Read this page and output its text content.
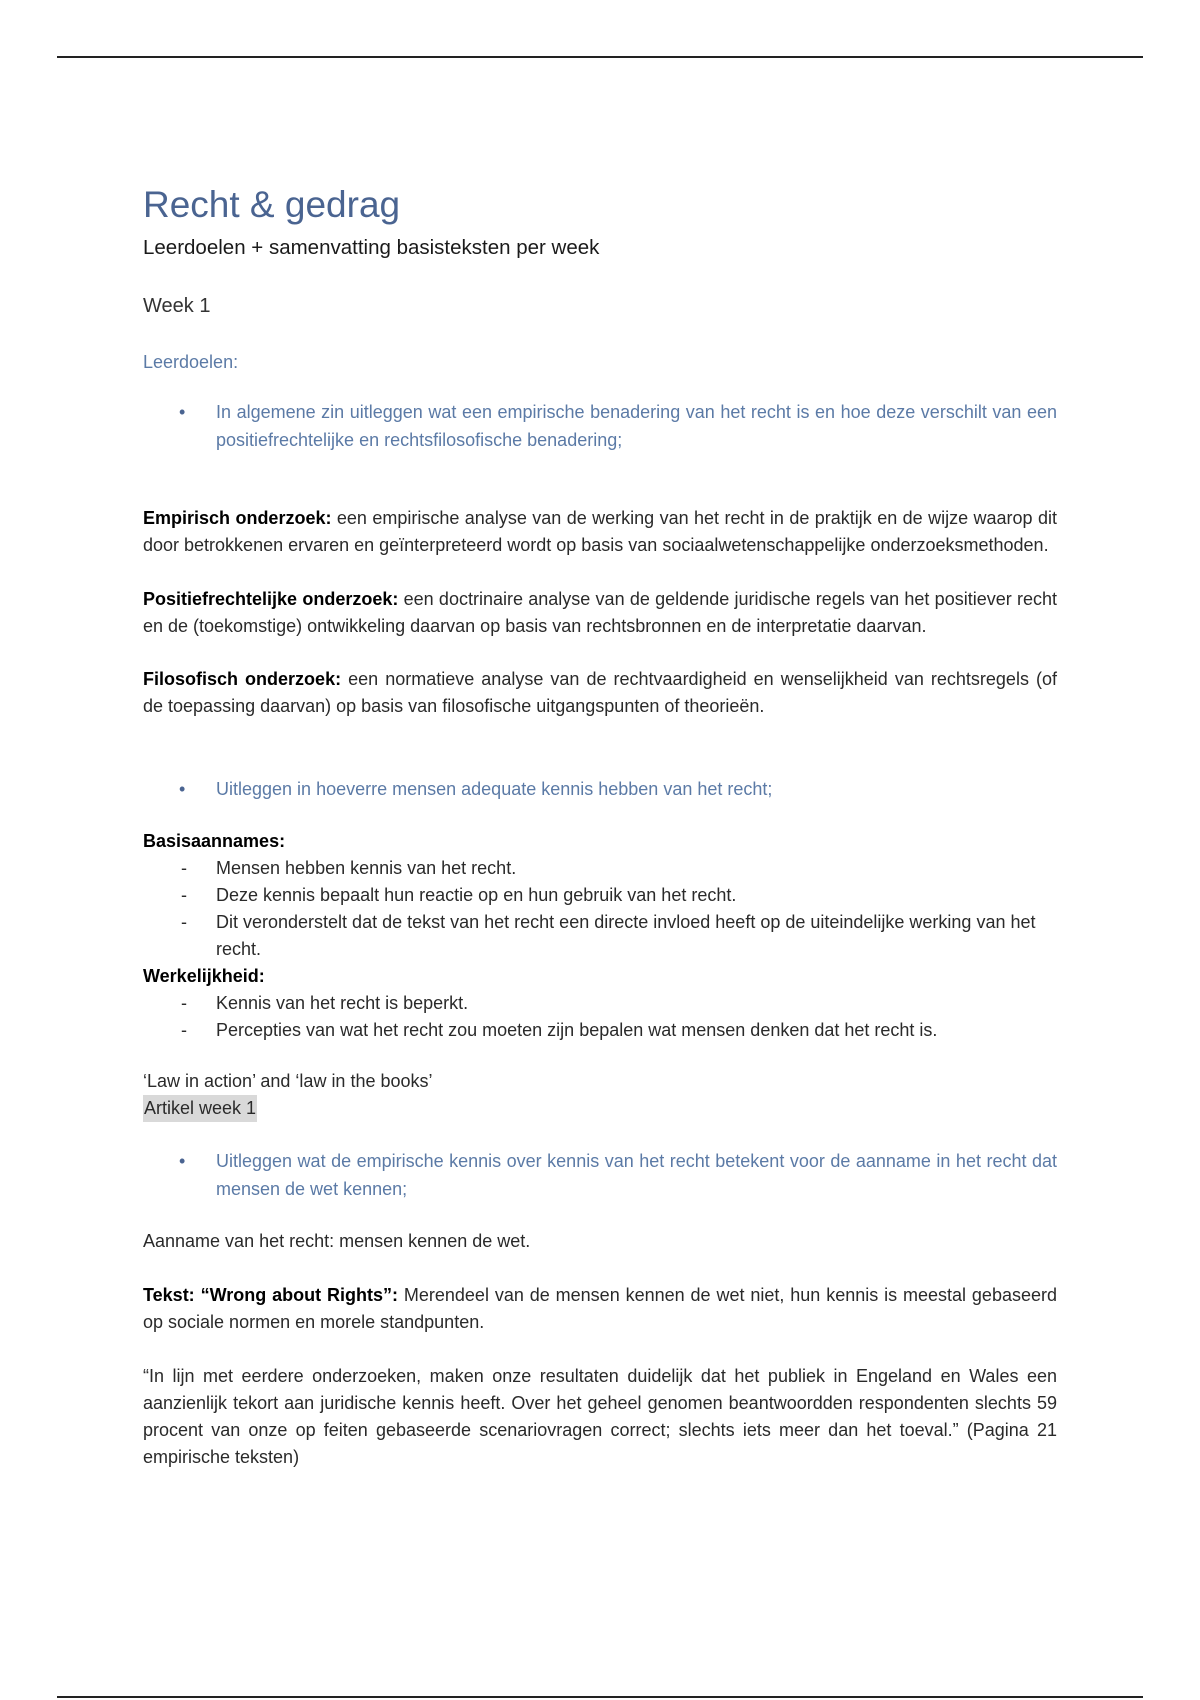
Recht & gedrag
Leerdoelen + samenvatting basisteksten per week
Week 1
Leerdoelen:
• In algemene zin uitleggen wat een empirische benadering van het recht is en hoe deze verschilt van een positiefrechtelijke en rechtsfilosofische benadering;

Empirisch onderzoek: een empirische analyse van de werking van het recht in de praktijk en de wijze waarop dit door betrokkenen ervaren en geïnterpreteerd wordt op basis van sociaalwetenschappelijke onderzoeksmethoden.

Positiefrechtelijke onderzoek: een doctrinaire analyse van de geldende juridische regels van het positiever recht en de (toekomstige) ontwikkeling daarvan op basis van rechtsbronnen en de interpretatie daarvan.

Filosofisch onderzoek: een normatieve analyse van de rechtvaardigheid en wenselijkheid van rechtsregels (of de toepassing daarvan) op basis van filosofische uitgangspunten of theorieën.

• Uitleggen in hoeverre mensen adequate kennis hebben van het recht;
Basisaannames:
- Mensen hebben kennis van het recht.
- Deze kennis bepaalt hun reactie op en hun gebruik van het recht.
- Dit veronderstelt dat de tekst van het recht een directe invloed heeft op de uiteindelijke werking van het recht.
Werkelijkheid:
- Kennis van het recht is beperkt.
- Percepties van wat het recht zou moeten zijn bepalen wat mensen denken dat het recht is.

‘Law in action’ and ‘law in the books’

Artikel week 1

• Uitleggen wat de empirische kennis over kennis van het recht betekent voor de aanname in het recht dat mensen de wet kennen;

Aanname van het recht: mensen kennen de wet.

Tekst: “Wrong about Rights”: Merendeel van de mensen kennen de wet niet, hun kennis is meestal gebaseerd op sociale normen en morele standpunten.

“In lijn met eerdere onderzoeken, maken onze resultaten duidelijk dat het publiek in Engeland en Wales een aanzienlijk tekort aan juridische kennis heeft. Over het geheel genomen beantwoordden respondenten slechts 59 procent van onze op feiten gebaseerde scenariovragen correct; slechts iets meer dan het toeval.” (Pagina 21 empirische teksten)
